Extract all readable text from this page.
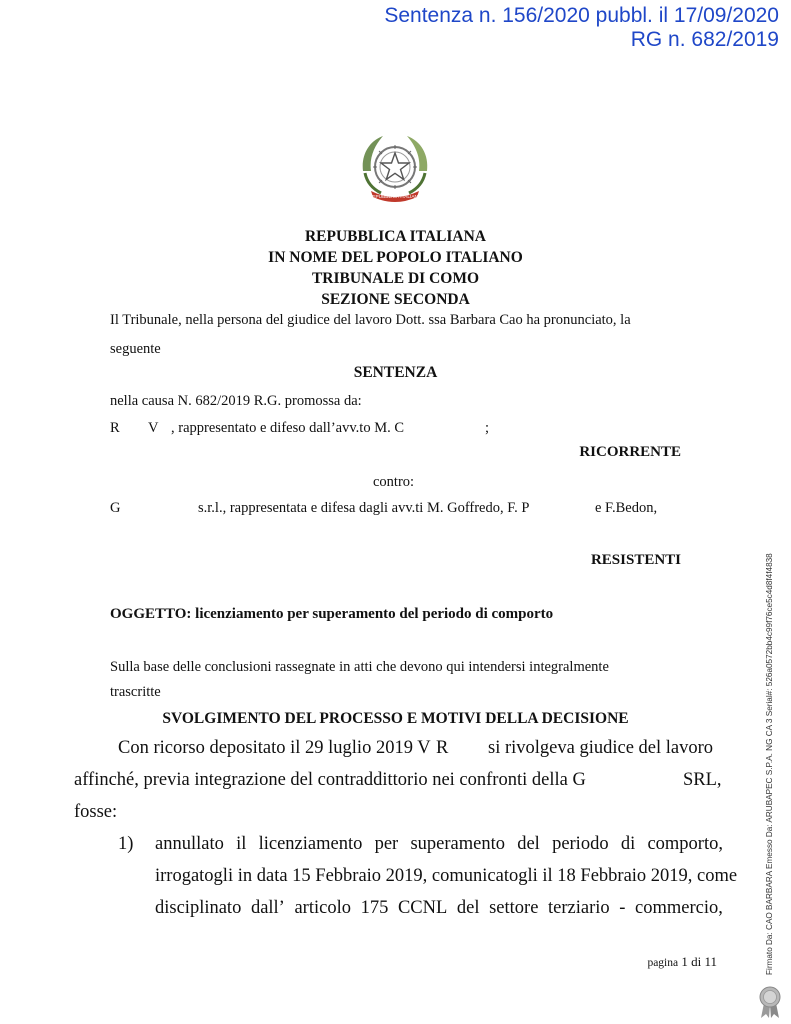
Sentenza n. 156/2020 pubbl. il 17/09/2020
RG n. 682/2019
REPUBBLICA ITALIANA
REPUBBLICA ITALIANA
IN NOME DEL POPOLO ITALIANO
TRIBUNALE DI COMO
SEZIONE SECONDA
Il Tribunale, nella persona del giudice del lavoro Dott. ssa Barbara Cao ha pronunciato, la
seguente
SENTENZA
nella causa N. 682/2019 R.G. promossa da:
R V , rappresentato e difeso dall’avv.to M. C	;
RICORRENTE
contro:
G	s.r.l., rappresentata e difesa dagli avv.ti M. Goffredo, F. P	e F.Bedon,
RESISTENTI
OGGETTO: licenziamento per superamento del periodo di comporto
Sulla base delle conclusioni rassegnate in atti che devono qui intendersi integralmente
trascritte
SVOLGIMENTO DEL PROCESSO E MOTIVI DELLA DECISIONE
Con ricorso depositato il 29 luglio 2019 V R si rivolgeva giudice del lavoro
affinché, previa integrazione del contraddittorio nei confronti della G	SRL,
fosse:
1) annullato il licenziamento per superamento del periodo di comporto,
irrogatogli in data 15 Febbraio 2019, comunicatogli il 18 Febbraio 2019, come
disciplinato dall’ articolo 175 CCNL del settore terziario - commercio,
pagina 1 di 11	Firmato Da: CAO BARBARA Emesso Da: ARUBAPEC S.P.A. NG CA 3 Serial#: 526a0572bb4c99f76ce5c4d8f4f4838
